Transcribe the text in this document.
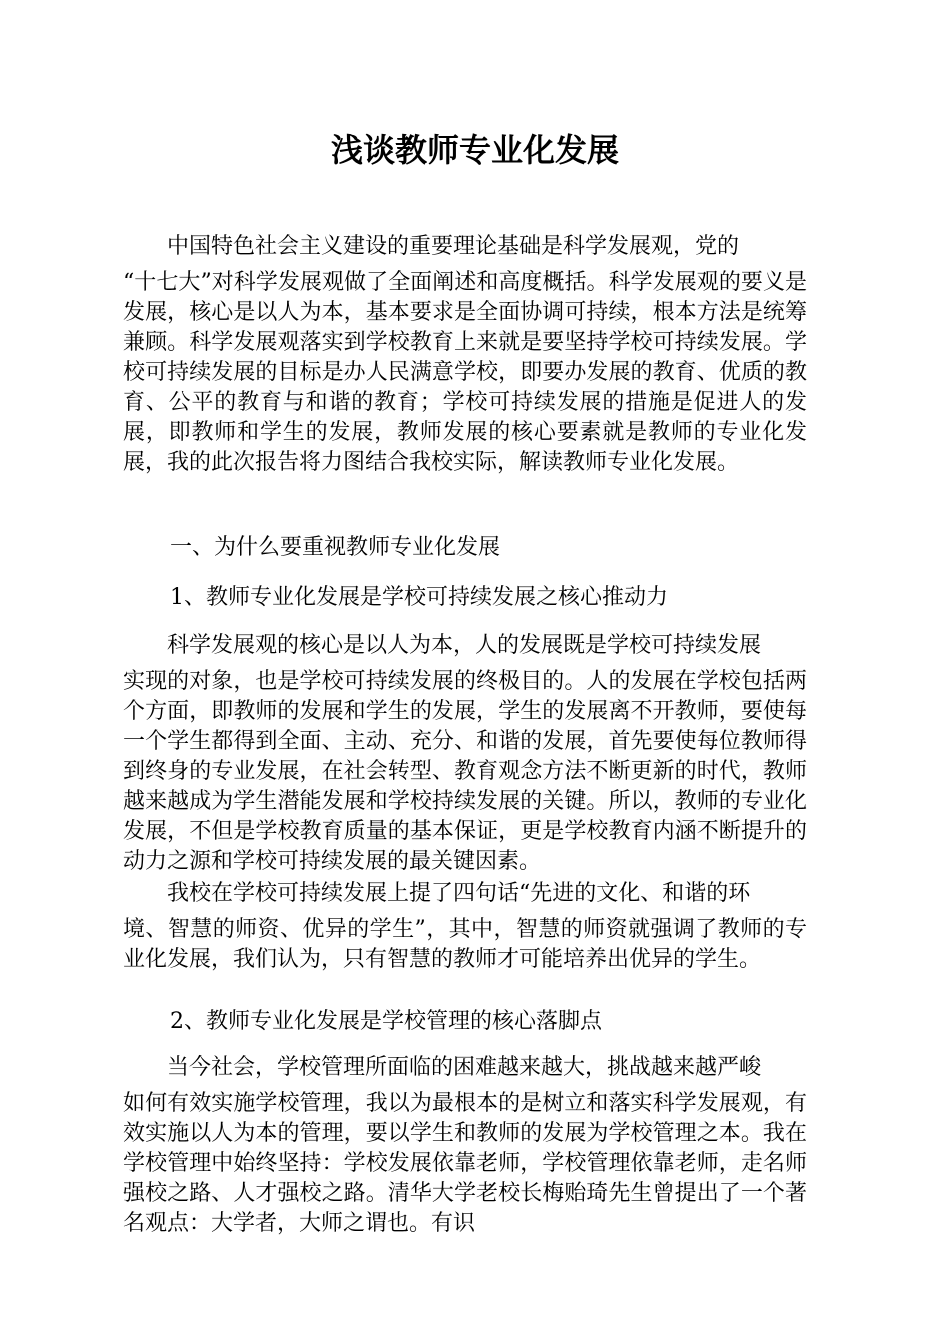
浅谈教师专业化发展
中国特色社会主义建设的重要理论基础是科学发展观，党的
“十七大”对科学发展观做了全面阐述和高度概括。科学发展观的要义是发展，核心是以人为本，基本要求是全面协调可持续，根本方法是统筹兼顾。科学发展观落实到学校教育上来就是要坚持学校可持续发展。学校可持续发展的目标是办人民满意学校，即要办发展的教育、优质的教育、公平的教育与和谐的教育；学校可持续发展的措施是促进人的发展，即教师和学生的发展，教师发展的核心要素就是教师的专业化发展，我的此次报告将力图结合我校实际，解读教师专业化发展。

一、为什么要重视教师专业化发展

1、教师专业化发展是学校可持续发展之核心推动力

科学发展观的核心是以人为本，人的发展既是学校可持续发展
实现的对象，也是学校可持续发展的终极目的。人的发展在学校包括两个方面，即教师的发展和学生的发展，学生的发展离不开教师，要使每一个学生都得到全面、主动、充分、和谐的发展，首先要使每位教师得到终身的专业发展，在社会转型、教育观念方法不断更新的时代，教师越来越成为学生潜能发展和学校持续发展的关键。所以，教师的专业化发展，不但是学校教育质量的基本保证，更是学校教育内涵不断提升的动力之源和学校可持续发展的最关键因素。
我校在学校可持续发展上提了四句话“先进的文化、和谐的环
境、智慧的师资、优异的学生”，其中，智慧的师资就强调了教师的专业化发展，我们认为，只有智慧的教师才可能培养出优异的学生。

2、教师专业化发展是学校管理的核心落脚点

当今社会，学校管理所面临的困难越来越大，挑战越来越严峻
如何有效实施学校管理，我以为最根本的是树立和落实科学发展观，有效实施以人为本的管理，要以学生和教师的发展为学校管理之本。我在学校管理中始终坚持：学校发展依靠老师，学校管理依靠老师，走名师强校之路、人才强校之路。清华大学老校长梅贻琦先生曾提出了一个著名观点：大学者，大师之谓也。有识
